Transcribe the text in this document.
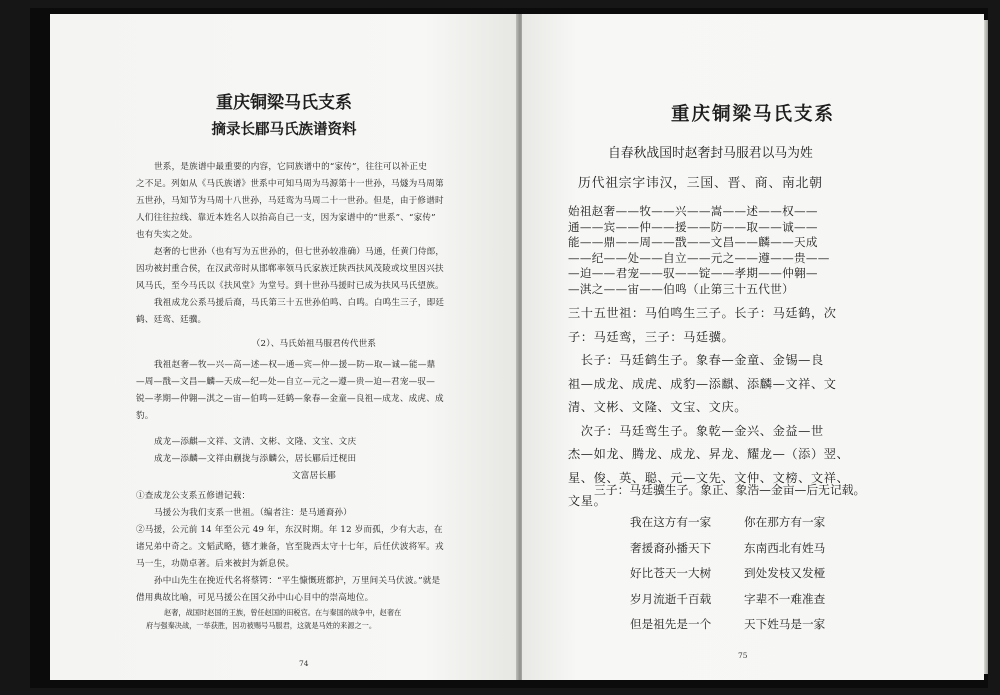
重庆铜梁马氏支系
摘录长郿马氏族谱资料

世系，是族谱中最重要的内容，它同族谱中的“家传”，往往可以补正史

之不足。列如从《马氏族谱》世系中可知马周为马源第十一世孙，马燧为马周第

五世孙，马知节为马周十八世孙，马廷鸾为马周二十一世孙。但是，由于修谱时

人们往往拉线、靠近本姓名人以抬高自己一支，因为家谱中的“世系”、“家传”

也有失实之处。

赵奢的七世孙（也有写为五世孙的，但七世孙较准确）马通，任黄门侍郎，

因功被封重合侯，在汉武帝时从邯郸率领马氏家族迁陕西扶风茂陵或坟里因兴扶

风马氏，至今马氏以《扶风堂》为堂号。到十世孙马援时已成为扶风马氏望族。

我祖成龙公系马援后裔，马氏第三十五世孙伯鸣、白鸣。白鸣生三子，即廷

鹤、廷鸾、廷骥。

（2）、马氏始祖马服君传代世系

我祖赵奢—牧—兴—高—述—权—通—宾—仲—援—防—取—诚—能—鼎

—周—戬—文昌—麟—天成—纪—处—自立—元之—遵—贵—迫—君宠—驭—

锐—孝期—仲翱—淇之—宙—伯鸣—廷鹤—象春—金童—良祖—成龙、成虎、成

豹。

成龙—添麒—文祥、文清、文彬、文隆、文宝、文庆

成龙—添麟—文祥由蒯拢与添麟公，居长郿后迁枧田

文富居长郿

①查成龙公支系五修谱记载：

马援公为我们支系一世祖。（编者注：是马通裔孙）

②马援，公元前 14 年至公元 49 年，东汉时期。年 12 岁而孤，少有大志，在

诸兄弟中奇之。文韬武略，德才兼备，官至陇西太守十七年，后任伏波将军。戎

马一生，功勋卓著。后来被封为新息侯。

孙中山先生在挽近代名将蔡锷：“平生慷慨班都护，万里间关马伏波。”就是

借用典故比喻，可见马援公在国父孙中山心目中的崇高地位。

赵奢，战国时赵国的王族，曾任赵国的田税官。在与秦国的战争中，赵奢在
府与强秦决战，一举获胜，因功被赐号马服君，这就是马姓的来源之一。
74
重庆铜梁马氏支系
自春秋战国时赵奢封马服君以马为姓
历代祖宗字讳汉，三国、晋、商、南北朝
始祖赵奢——牧——兴——嵩——述——权——
通——宾——仲——援——防——取——诚——
能——鼎——周——戬——文昌——麟——天成
——纪——处——自立——元之——遵——贵——
—迫——君宠——驭——锭——孝期——仲翱—
—淇之——宙——伯鸣（止第三十五代世）
三十五世祖：马伯鸣生三子。长子：马廷鹤，次
子：马廷鸾，三子：马廷骥。
　长子：马廷鹤生子。象春—金童、金锡—良
祖—成龙、成虎、成豹—添麒、添麟—文祥、文
清、文彬、文隆、文宝、文庆。
　次子：马廷鸾生子。象乾—金兴、金益—世
杰—如龙、腾龙、成龙、昇龙、耀龙—（添）翌、
星、俊、英、聪、元—文先、文仲、文榜、文祥、
文星。
三子：马廷骥生子。象正、象浩—金亩—后无记载。
我在这方有一家
奢援裔孙播天下
好比苍天一大树
岁月流逝千百载
但是祖先是一个
你在那方有一家
东南西北有姓马
到处发枝又发桠
字辈不一难准查
天下姓马是一家
75
